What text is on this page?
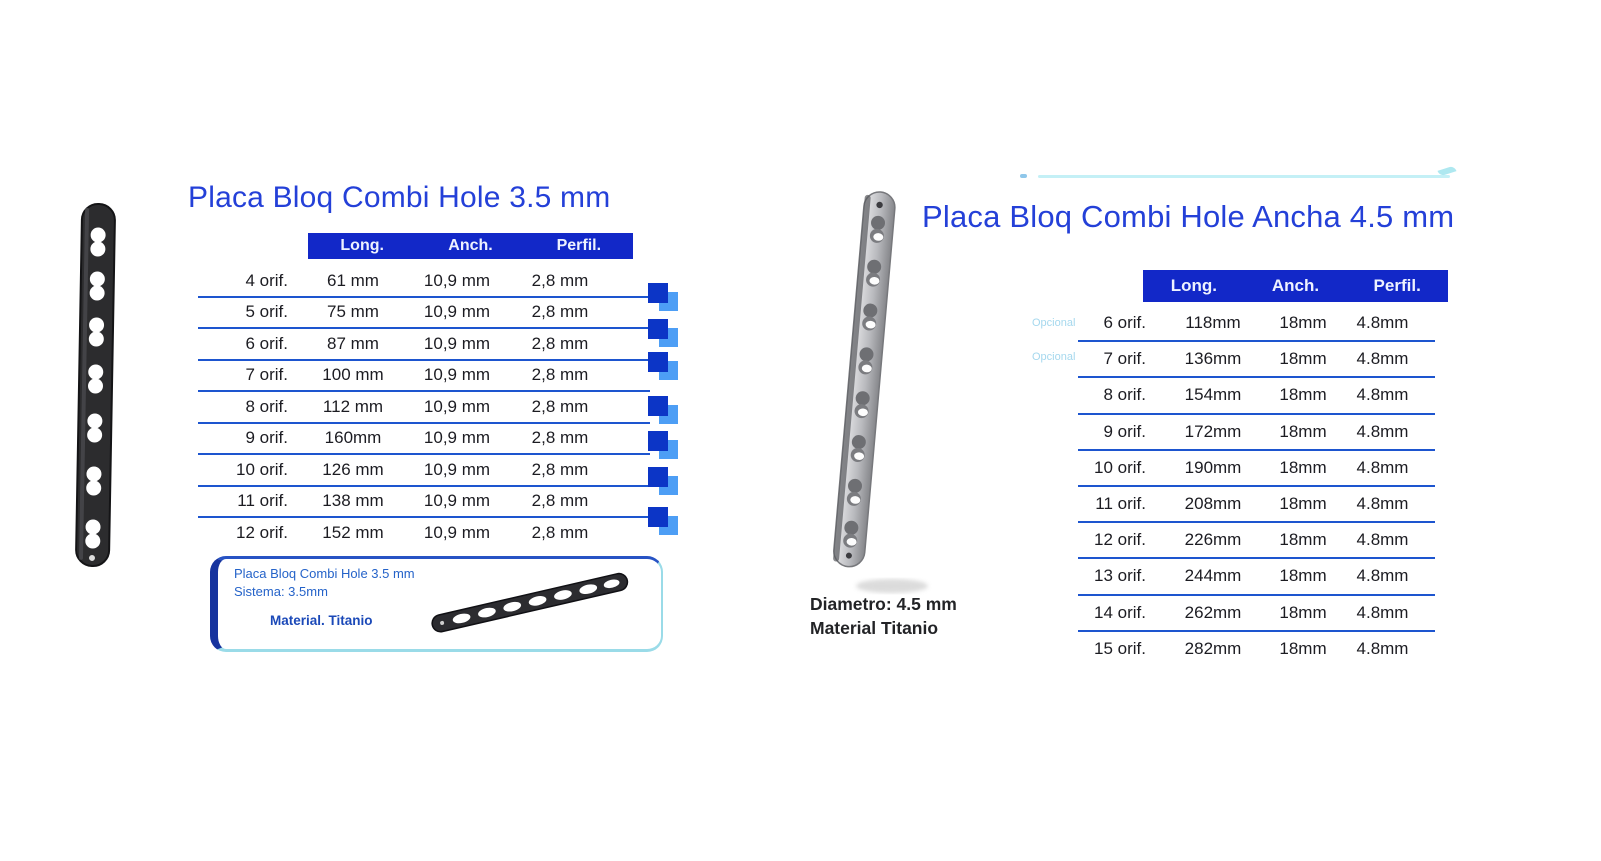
Placa Bloq Combi Hole 3.5 mm
Long.	Anch.	Perfil.
4 orif.	61 mm	10,9 mm	2,8 mm
5 orif.	75 mm	10,9 mm	2,8 mm
6 orif.	87 mm	10,9 mm	2,8 mm
7 orif.	100 mm	10,9 mm	2,8 mm
8 orif.	112 mm	10,9 mm	2,8 mm
9 orif.	160mm	10,9 mm	2,8 mm
10 orif.	126 mm	10,9 mm	2,8 mm
11 orif.	138 mm	10,9 mm	2,8 mm
12 orif.	152 mm	10,9 mm	2,8 mm
Placa Bloq Combi Hole 3.5 mm
Sistema: 3.5mm
Material. Titanio
Placa Bloq Combi Hole Ancha 4.5 mm
Long.	Anch.	Perfil.
Opcional
Opcional
6 orif.	118mm	18mm	4.8mm
7 orif.	136mm	18mm	4.8mm
8 orif.	154mm	18mm	4.8mm
9 orif.	172mm	18mm	4.8mm
10 orif.	190mm	18mm	4.8mm
11 orif.	208mm	18mm	4.8mm
12 orif.	226mm	18mm	4.8mm
13 orif.	244mm	18mm	4.8mm
14 orif.	262mm	18mm	4.8mm
15 orif.	282mm	18mm	4.8mm
Diametro: 4.5 mm
Material Titanio
